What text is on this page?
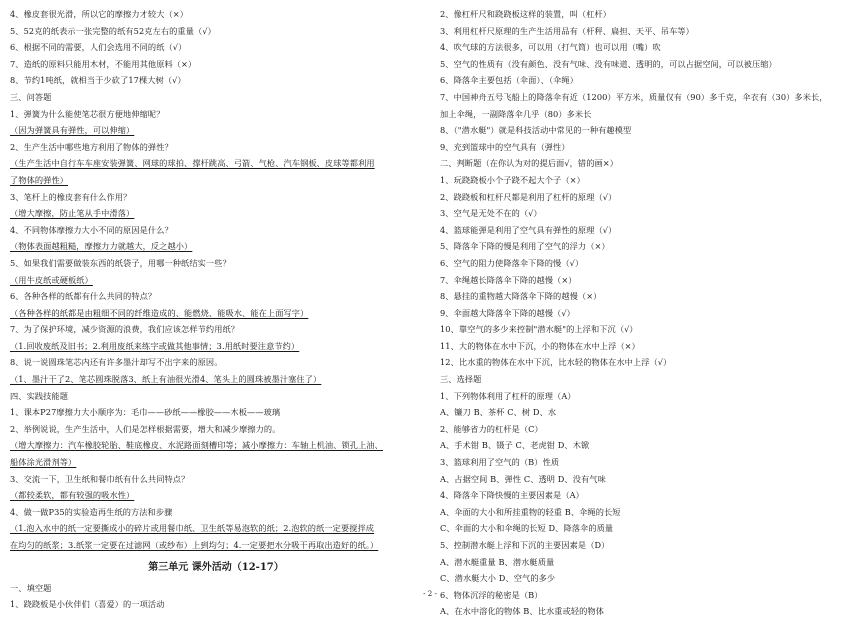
4、橡皮套很光滑，所以它的摩擦力才较大（×）
5、52克的纸表示一张完整的纸有52克左右的重量（√）
6、根据不同的需要，人们会选用不同的纸（√）
7、造纸的原料只能用木材，不能用其他原料（×）
8、节约1吨纸，就相当于少砍了17棵大树（√）
三、问答题
1、弹簧为什么能使笔芯很方便地伸缩呢？
（因为弹簧具有弹性，可以伸缩）
2、生产生活中哪些地方利用了物体的弹性？
（生产生活中自行车车座安装弹簧、网球的球拍、撑杆跳高、弓箭、气枪、汽车钢板、皮球等都利用
了物体的弹性）
3、笔杆上的橡皮套有什么作用？
（增大摩擦，防止笔从手中滑落）
4、不同物体摩擦力大小不同的原因是什么？
（物体表面越粗糙，摩擦力力就越大，反之越小）
5、如果我们需要做装东西的纸袋子，用哪一种纸结实一些？
（用牛皮纸或硬板纸）
6、各种各样的纸都有什么共同的特点？
（各种各样的纸都是由粗细不同的纤维造成的、能燃烧、能吸水、能在上面写字）
7、为了保护环境，减少资源的浪费，我们应该怎样节约用纸？
（1.回收废纸及旧书；2.利用废纸来练字或做其他事情；3.用纸时要注意节约）
8、说一说圆珠笔芯内还有许多墨汁却写不出字来的原因。
（1、墨汁干了2、笔芯圆珠脱落3、纸上有油很光滑4、笔头上的圆珠被墨汁塞住了）
四、实践技能题
1、课本P27摩擦力大小顺序为：毛巾——砂纸——橡胶——木板——玻璃
2、举例说说，生产生活中，人们是怎样根据需要，增大和减少摩擦力的。
（增大摩擦力：汽车橡胶轮胎、鞋底橡皮、水泥路面刻槽印等；减小摩擦力：车轴上机油、锁孔上油、
船体涂光滑剂等）
3、交流一下，卫生纸和餐巾纸有什么共同特点？
（都较柔软，都有较强的吸水性）
4、做一做P35的实验造再生纸的方法和步骤
（1.泡入水中的纸一定要撕成小的碎片或用餐巾纸、卫生纸等易泡软的纸；2.泡软的纸一定要搅拌成
在均匀的纸浆；3.纸浆一定要在过滤网（或纱布）上到均匀；4.一定要把水分吸干再取出造好的纸。）
第三单元 课外活动（12-17）
一、填空题
1、跷跷板是小伙伴们（喜爱）的一项活动
2、像杠杆尺和跷跷板这样的装置，叫（杠杆）
3、利用杠杆尺原理的生产生活用品有（杆秤、扁担、天平、吊车等）
4、吹气球的方法很多，可以用（打气筒）也可以用（嘴）吹
5、空气的性质有（没有颜色、没有气味、没有味道、透明的，可以占据空间，可以被压缩）
6、降落伞主要包括（伞面）、（伞绳）
7、中国神舟五号飞船上的降落伞有近（1200）平方米，质量仅有（90）多千克，伞衣有（30）多米长，
加上伞绳，一副降落伞几乎（80）多米长
8、（"潜水艇"）就是科技活动中常见的一种有趣模型
9、充到篮球中的空气具有（弹性）
二、判断题（在你认为对的提后面√，错的画×）
1、玩跷跷板小个子跷不起大个子（×）
2、跷跷板和杠杆尺都是利用了杠杆的原理（√）
3、空气是无处不在的（√）
4、篮球能弹是利用了空气具有弹性的原理（√）
5、降落伞下降的慢是利用了空气的浮力（×）
6、空气的阻力使降落伞下降的慢（√）
7、伞绳越长降落伞下降的越慢（×）
8、悬挂的重物越大降落伞下降的越慢（×）
9、伞面越大降落伞下降的越慢（√）
10、靠空气的多少来控制"潜水艇"的上浮和下沉（√）
11、大的物体在水中下沉，小的物体在水中上浮（×）
12、比水重的物体在水中下沉，比水轻的物体在水中上浮（√）
三、选择题
1、下列物体利用了杠杆的原理（A）
A、镰刀 B、茶杯 C、树 D、水
2、能够省力的杠杆是（C）
A、手术钳 B、镊子 C、老虎钳 D、木锨
3、篮球利用了空气的（B）性质
A、占据空间 B、弹性 C、透明 D、没有气味
4、降落伞下降快慢的主要因素是（A）
A、伞面的大小和所挂重物的轻重 B、伞绳的长短
C、伞面的大小和伞绳的长短 D、降落伞的质量
5、控制潜水艇上浮和下沉的主要因素是（D）
A、潜水艇重量 B、潜水艇质量
C、潜水艇大小 D、空气的多少
6、物体沉浮的秘密是（B）
A、在水中溶化的物体 B、比水重或轻的物体
- 2 -
